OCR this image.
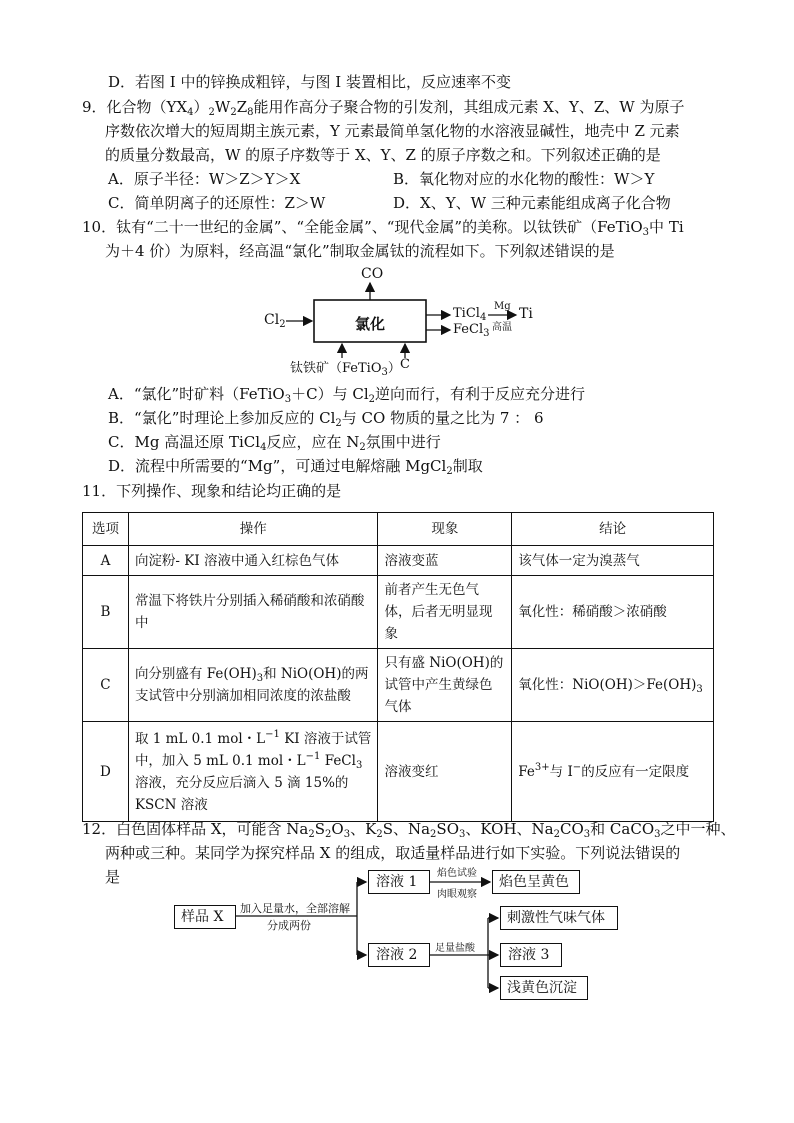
D．若图 I 中的锌换成粗锌，与图 I 装置相比，反应速率不变
9．化合物$(YX_4)_2W_2Z_8$能用作高分子聚合物的引发剂，其组成元素 X、Y、Z、W 为原子
序数依次增大的短周期主族元素，Y 元素最简单氢化物的水溶液显碱性，地壳中 Z 元素
的质量分数最高，W 的原子序数等于 X、Y、Z 的原子序数之和。下列叙述正确的是
A．原子半径：W＞Z＞Y＞X	B．氧化物对应的水化物的酸性：W＞Y
C．简单阴离子的还原性：Z＞W	D．X、Y、W 三种元素能组成离子化合物
10．钛有“二十一世纪的金属”、“全能金属”、“现代金属”的美称。以钛铁矿（FeTiO$_3$中 Ti
为＋4 价）为原料，经高温“氯化”制取金属钛的流程如下。下列叙述错误的是
氯化
CO
$Cl_2$
TiCl$_4$
FeCl$_3$
Mg
高温
Ti
钛铁矿（FeTiO$_3$） C
A．“氯化”时矿料（FeTiO$_3$＋C）与 $Cl_2$逆向而行，有利于反应充分进行
B．“氯化”时理论上参加反应的 $Cl_2$与 CO 物质的量之比为 7 ： 6
C．Mg 高温还原 TiCl$_4$反应，应在 $N_2$氛围中进行
D．流程中所需要的“Mg”，可通过电解熔融 MgCl$_2$制取
11．下列操作、现象和结论均正确的是
选项	操作	现象	结论
A	向淀粉- KI 溶液中通入红棕色气体	溶液变蓝	该气体一定为溴蒸气
B	常温下将铁片分别插入稀硝酸和浓硝酸中	前者产生无色气体，后者无明显现象	氧化性：稀硝酸＞浓硝酸
C	向分别盛有 $Fe(OH)_3$和 NiO(OH)的两支试管中分别滴加相同浓度的浓盐酸	只有盛 NiO(OH)的试管中产生黄绿色气体	氧化性：$NiO(OH)>Fe(OH)_3$
D	取 1 mL 0.1 mol・$L^{-1}$ KI 溶液于试管中，加入 5 mL 0.1 mol・$L^{-1}$ FeCl$_3$溶液，充分反应后滴入 5 滴 15%的 KSCN 溶液	溶液变红	$Fe^{3+}$与 I−的反应有一定限度
12．白色固体样品 X，可能含 $Na_2S_2O_3$、$K_2S$、$Na_2SO_3$、KOH、$Na_2CO_3$和 CaCO$_3$之中一种、
两种或三种。某同学为探究样品 X 的组成，取适量样品进行如下实验。下列说法错误的
是
样品 X
加入足量水，全部溶解
分成两份
溶液 1
焰色试验
肉眼观察
焰色呈黄色
溶液 2 足量盐酸
刺激性气味气体
溶液 3
浅黄色沉淀
